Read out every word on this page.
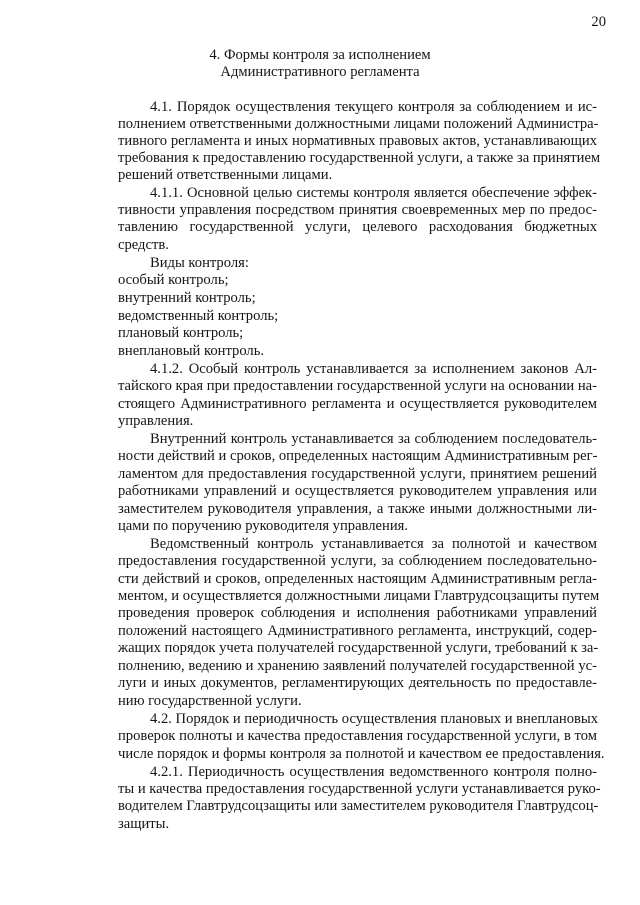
20
4. Формы контроля за исполнением
Административного регламента
4.1. Порядок осуществления текущего контроля за соблюдением и ис-
полнением ответственными должностными лицами положений Администра-
тивного регламента и иных нормативных правовых актов, устанавливающих
требования к предоставлению государственной услуги, а также за принятием
решений ответственными лицами.
4.1.1. Основной целью системы контроля является обеспечение эффек-
тивности управления посредством принятия своевременных мер по предос-
тавлению государственной услуги, целевого расходования бюджетных
средств.
Виды контроля:
особый контроль;
внутренний контроль;
ведомственный контроль;
плановый контроль;
внеплановый контроль.
4.1.2. Особый контроль устанавливается за исполнением законов Ал-
тайского края при предоставлении государственной услуги на основании на-
стоящего Административного регламента и осуществляется руководителем
управления.
Внутренний контроль устанавливается за соблюдением последователь-
ности действий и сроков, определенных настоящим Административным рег-
ламентом для предоставления государственной услуги, принятием решений
работниками управлений и осуществляется руководителем управления или
заместителем руководителя управления, а также иными должностными ли-
цами по поручению руководителя управления.
Ведомственный контроль устанавливается за полнотой и качеством
предоставления государственной услуги, за соблюдением последовательно-
сти действий и сроков, определенных настоящим Административным регла-
ментом, и осуществляется должностными лицами Главтрудсоцзащиты путем
проведения проверок соблюдения и исполнения работниками управлений
положений настоящего Административного регламента, инструкций, содер-
жащих порядок учета получателей государственной услуги, требований к за-
полнению, ведению и хранению заявлений получателей государственной ус-
луги и иных документов, регламентирующих деятельность по предоставле-
нию государственной услуги.
4.2. Порядок и периодичность осуществления плановых и внеплановых
проверок полноты и качества предоставления государственной услуги, в том
числе порядок и формы контроля за полнотой и качеством ее предоставления.
4.2.1. Периодичность осуществления ведомственного контроля полно-
ты и качества предоставления государственной услуги устанавливается руко-
водителем Главтрудсоцзащиты или заместителем руководителя Главтрудсоц-
защиты.
